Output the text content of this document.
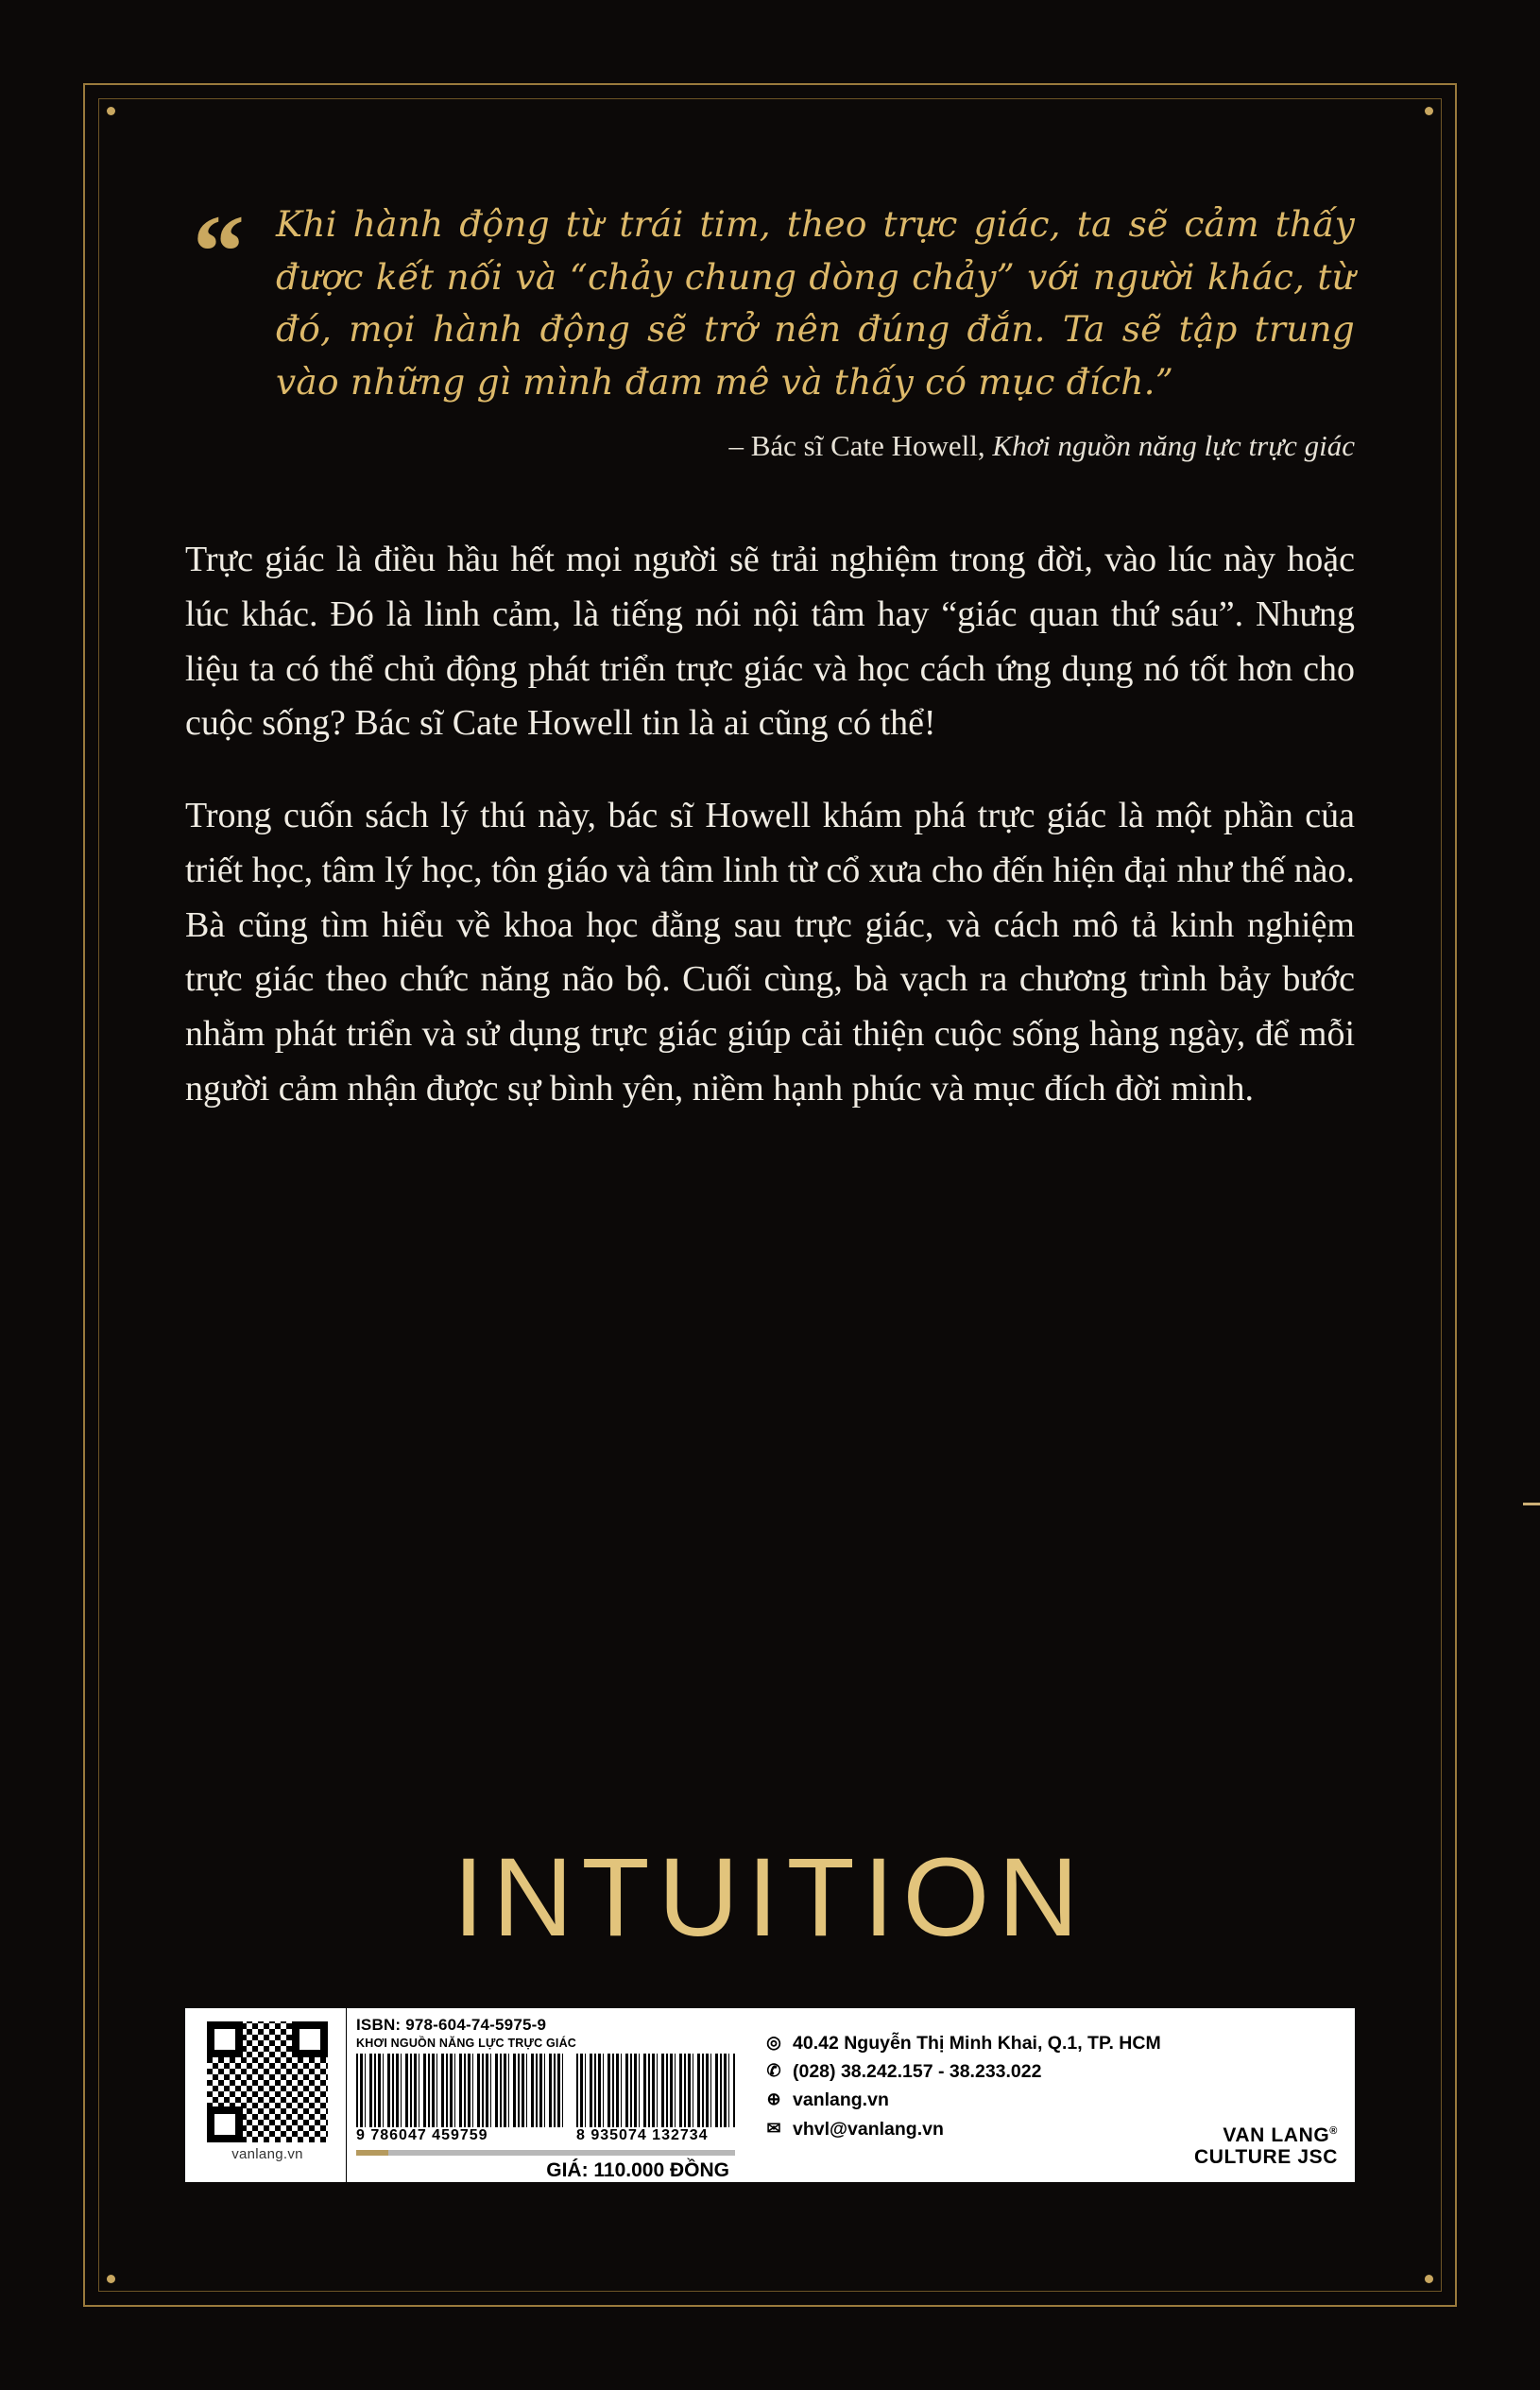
“ Khi hành động từ trái tim, theo trực giác, ta sẽ cảm thấy được kết nối và “chảy chung dòng chảy” với người khác, từ đó, mọi hành động sẽ trở nên đúng đắn. Ta sẽ tập trung vào những gì mình đam mê và thấy có mục đích.”
– Bác sĩ Cate Howell, Khơi nguồn năng lực trực giác

Trực giác là điều hầu hết mọi người sẽ trải nghiệm trong đời, vào lúc này hoặc lúc khác. Đó là linh cảm, là tiếng nói nội tâm hay “giác quan thứ sáu”. Nhưng liệu ta có thể chủ động phát triển trực giác và học cách ứng dụng nó tốt hơn cho cuộc sống? Bác sĩ Cate Howell tin là ai cũng có thể!

Trong cuốn sách lý thú này, bác sĩ Howell khám phá trực giác là một phần của triết học, tâm lý học, tôn giáo và tâm linh từ cổ xưa cho đến hiện đại như thế nào. Bà cũng tìm hiểu về khoa học đằng sau trực giác, và cách mô tả kinh nghiệm trực giác theo chức năng não bộ. Cuối cùng, bà vạch ra chương trình bảy bước nhằm phát triển và sử dụng trực giác giúp cải thiện cuộc sống hàng ngày, để mỗi người cảm nhận được sự bình yên, niềm hạnh phúc và mục đích đời mình.

INTUITION
vanlang.vn
ISBN: 978-604-74-5975-9
KHƠI NGUỒN NĂNG LỰC TRỰC GIÁC
9 786047 459759	8 935074 132734
GIÁ: 110.000 ĐỒNG
◎ 40.42 Nguyễn Thị Minh Khai, Q.1, TP. HCM
✆ (028) 38.242.157 - 38.233.022
⊕ vanlang.vn
✉ vhvl@vanlang.vn	VAN LANG®
CULTURE JSC
